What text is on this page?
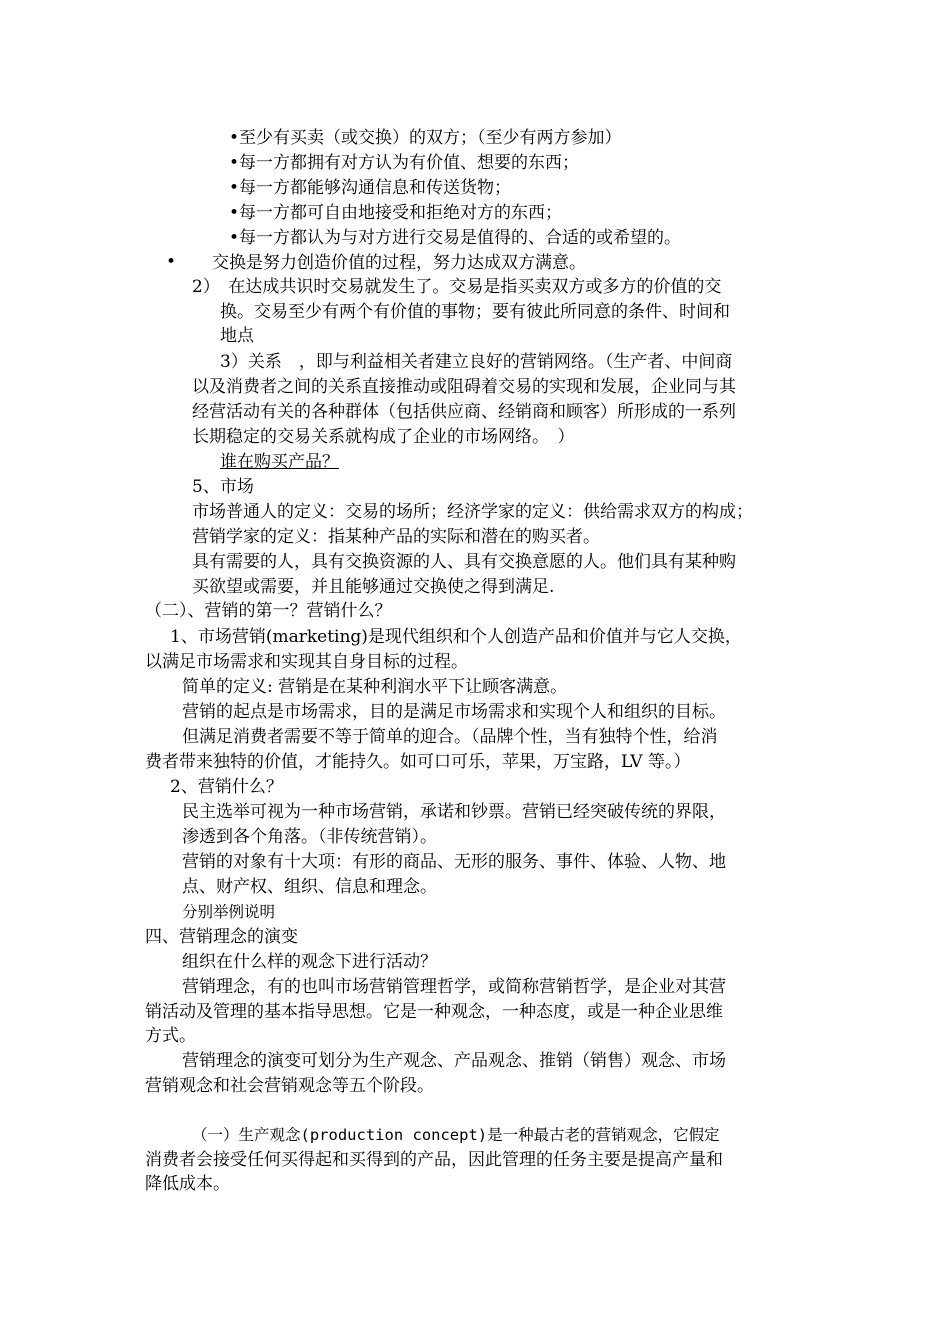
•至少有买卖（或交换）的双方；（至少有两方参加）
•每一方都拥有对方认为有价值、想要的东西；
•每一方都能够沟通信息和传送货物；
•每一方都可自由地接受和拒绝对方的东西；
•每一方都认为与对方进行交易是值得的、合适的或希望的。
• 交换是努力创造价值的过程，努力达成双方满意。
2）　在达成共识时交易就发生了。交易是指买卖双方或多方的价值的交
换。交易至少有两个有价值的事物；要有彼此所同意的条件、时间和
地点
3）关系　，即与利益相关者建立良好的营销网络。（生产者、中间商
以及消费者之间的关系直接推动或阻碍着交易的实现和发展，企业同与其
经营活动有关的各种群体（包括供应商、经销商和顾客）所形成的一系列
长期稳定的交易关系就构成了企业的市场网络。　）
谁在购买产品？
5、市场
市场普通人的定义：交易的场所；经济学家的定义：供给需求双方的构成；
营销学家的定义：指某种产品的实际和潜在的购买者。
具有需要的人，具有交换资源的人、具有交换意愿的人。他们具有某种购
买欲望或需要，并且能够通过交换使之得到满足.
（二）、营销的第一？营销什么？
1、市场营销(marketing)是现代组织和个人创造产品和价值并与它人交换，
以满足市场需求和实现其自身目标的过程。
简单的定义: 营销是在某种利润水平下让顾客满意。
营销的起点是市场需求，目的是满足市场需求和实现个人和组织的目标。
但满足消费者需要不等于简单的迎合。（品牌个性，当有独特个性，给消
费者带来独特的价值，才能持久。如可口可乐，苹果，万宝路，LV 等。）
2、营销什么？
民主选举可视为一种市场营销，承诺和钞票。营销已经突破传统的界限，
渗透到各个角落。（非传统营销）。
营销的对象有十大项：有形的商品、无形的服务、事件、体验、人物、地
点、财产权、组织、信息和理念。
分别举例说明
四、营销理念的演变
组织在什么样的观念下进行活动？
营销理念，有的也叫市场营销管理哲学，或简称营销哲学，是企业对其营
销活动及管理的基本指导思想。它是一种观念，一种态度，或是一种企业思维
方式。
营销理念的演变可划分为生产观念、产品观念、推销（销售）观念、市场
营销观念和社会营销观念等五个阶段。
（一）生产观念(production concept)是一种最古老的营销观念，它假定
消费者会接受任何买得起和买得到的产品，因此管理的任务主要是提高产量和
降低成本。
